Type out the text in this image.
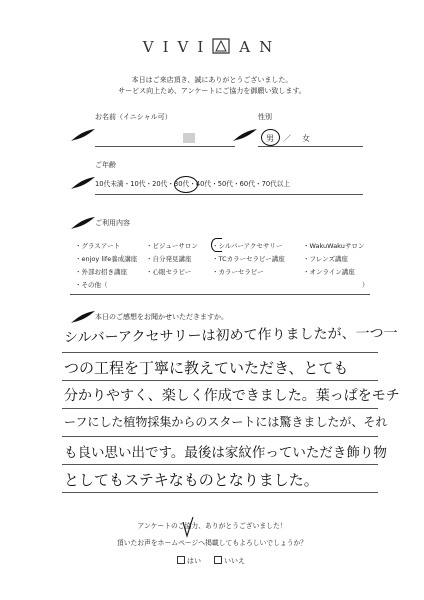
VIVI AN
本日はご来店頂き、誠にありがとうございました。
サービス向上ため、アンケートにご協力を御願い致します。
お名前（イニシャル可）	性別
男 ／ 女
ご年齢
10代未満・10代・20代・30代・40代・50代・60代・70代以上
ご利用内容
・グラスアート	・ビジューサロン ・シルバーアクセサリー	・WakuWakuサロン
・enjoy life養成講座 ・自分発見講座	・TCカラーセラピー講座	・フレンズ講座
・外部お招き講座	・心眼セラピー	・カラーセラピー	・オンライン講座
・その他（	）
本日のご感想をお聞かせいただきますか。
シルバーアクセサリーは初めて作りましたが、一つ一
つの工程を丁寧に教えていただき、とても
分かりやすく、楽しく作成できました。葉っぱをモチ
ーフにした植物採集からのスタートには驚きましたが、それ
も良い思い出です。最後は家紋作っていただき飾り物
としてもステキなものとなりました。
アンケートのご協力、ありがとうございました！
頂いたお声をホームページへ掲載してもよろしいでしょうか？
はい	いいえ
